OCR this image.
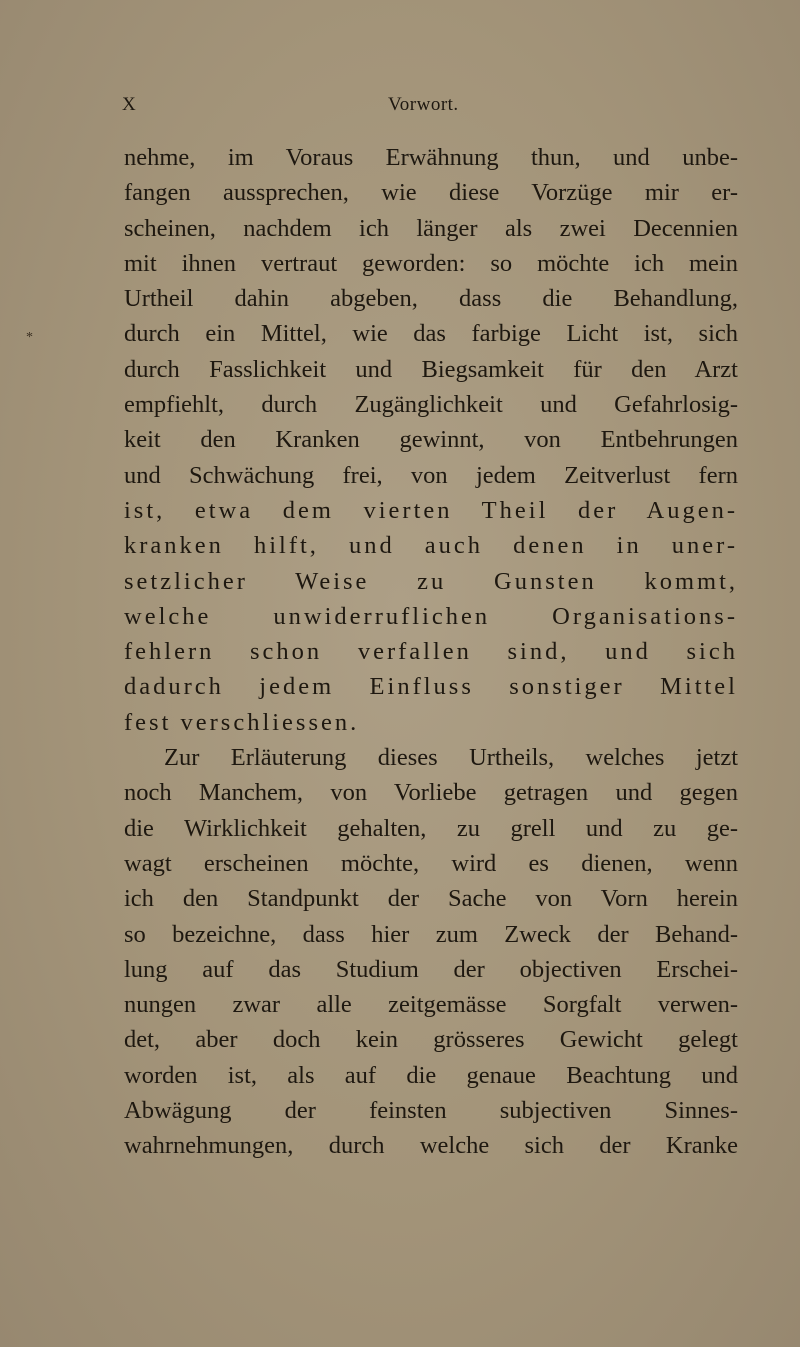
X	Vorwort.
*
nehme, im Voraus Erwähnung thun, und unbe-
fangen aussprechen, wie diese Vorzüge mir er-
scheinen, nachdem ich länger als zwei Decennien
mit ihnen vertraut geworden: so möchte ich mein
Urtheil dahin abgeben, dass die Behandlung,
durch ein Mittel, wie das farbige Licht ist, sich
durch Fasslichkeit und Biegsamkeit für den Arzt
empfiehlt, durch Zugänglichkeit und Gefahrlosig-
keit den Kranken gewinnt, von Entbehrungen
und Schwächung frei, von jedem Zeitverlust fern
ist, etwa dem vierten Theil der Augen-
kranken hilft, und auch denen in uner-
setzlicher Weise zu Gunsten kommt,
welche unwiderruflichen Organisations-
fehlern schon verfallen sind, und sich
dadurch jedem Einfluss sonstiger Mittel
fest verschliessen.
Zur Erläuterung dieses Urtheils, welches jetzt
noch Manchem, von Vorliebe getragen und gegen
die Wirklichkeit gehalten, zu grell und zu ge-
wagt erscheinen möchte, wird es dienen, wenn
ich den Standpunkt der Sache von Vorn herein
so bezeichne, dass hier zum Zweck der Behand-
lung auf das Studium der objectiven Erschei-
nungen zwar alle zeitgemässe Sorgfalt verwen-
det, aber doch kein grösseres Gewicht gelegt
worden ist, als auf die genaue Beachtung und
Abwägung der feinsten subjectiven Sinnes-
wahrnehmungen, durch welche sich der Kranke
